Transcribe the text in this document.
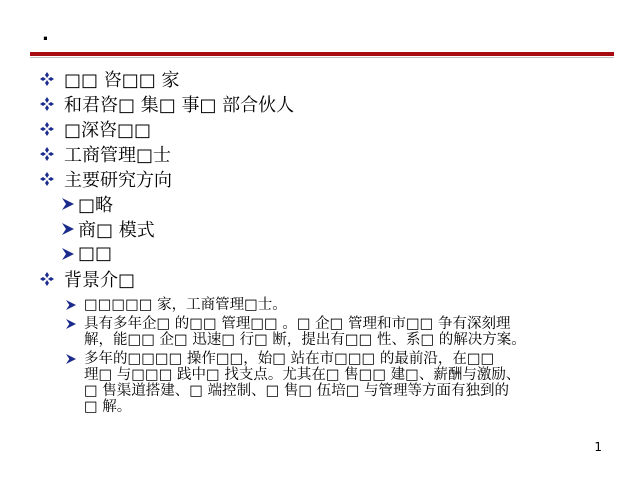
.
□□ 咨□□ 家
和君咨□ 集□ 事□ 部合伙人
□深咨□□
工商管理□士
主要研究方向
□略
商□ 模式
□□
背景介□
□□□□□ 家，工商管理□士。
具有多年企□ 的□□ 管理□□ 。□ 企□ 管理和市□□ 争有深刻理
解，能□□ 企□ 迅速□ 行□ 断，提出有□□ 性、系□ 的解决方案。
多年的□□□□ 操作□□，始□ 站在市□□□ 的最前沿，在□□
理□ 与□□□ 践中□ 找支点。尤其在□ 售□□ 建□、薪酬与激励、
□ 售渠道搭建、□ 端控制、□ 售□ 伍培□ 与管理等方面有独到的
□ 解。
1
